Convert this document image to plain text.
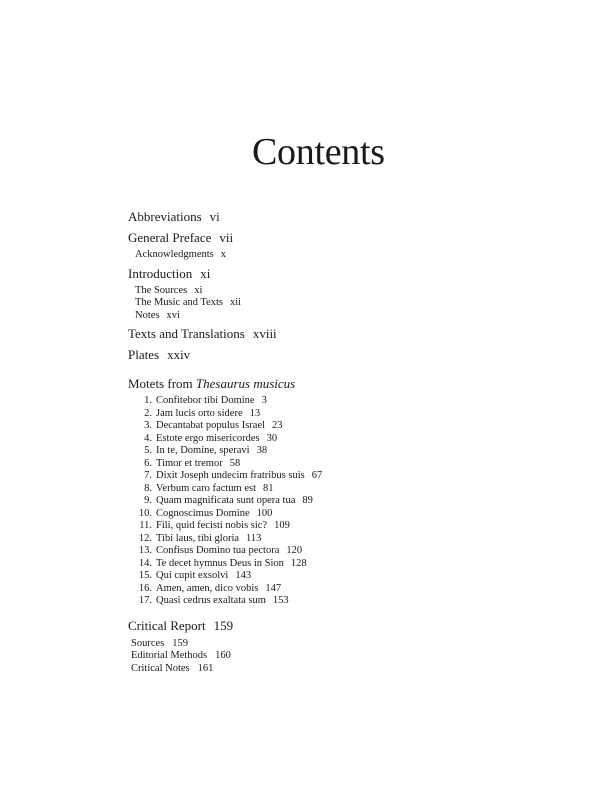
Contents
Abbreviations vi
General Preface vii
Acknowledgments x
Introduction xi
The Sources xi
The Music and Texts xii
Notes xvi
Texts and Translations xviii
Plates xxiv
Motets from Thesaurus musicus
1. Confitebor tibi Domine 3
2. Jam lucis orto sidere 13
3. Decantabat populus Israel 23
4. Estote ergo misericordes 30
5. In te, Domine, speravi 38
6. Timor et tremor 58
7. Dixit Joseph undecim fratribus suis 67
8. Verbum caro factum est 81
9. Quam magnificata sunt opera tua 89
10. Cognoscimus Domine 100
11. Fili, quid fecisti nobis sic? 109
12. Tibi laus, tibi gloria 113
13. Confisus Domino tua pectora 120
14. Te decet hymnus Deus in Sion 128
15. Qui cupit exsolvi 143
16. Amen, amen, dico vobis 147
17. Quasi cedrus exaltata sum 153
Critical Report 159
Sources 159
Editorial Methods 160
Critical Notes 161
